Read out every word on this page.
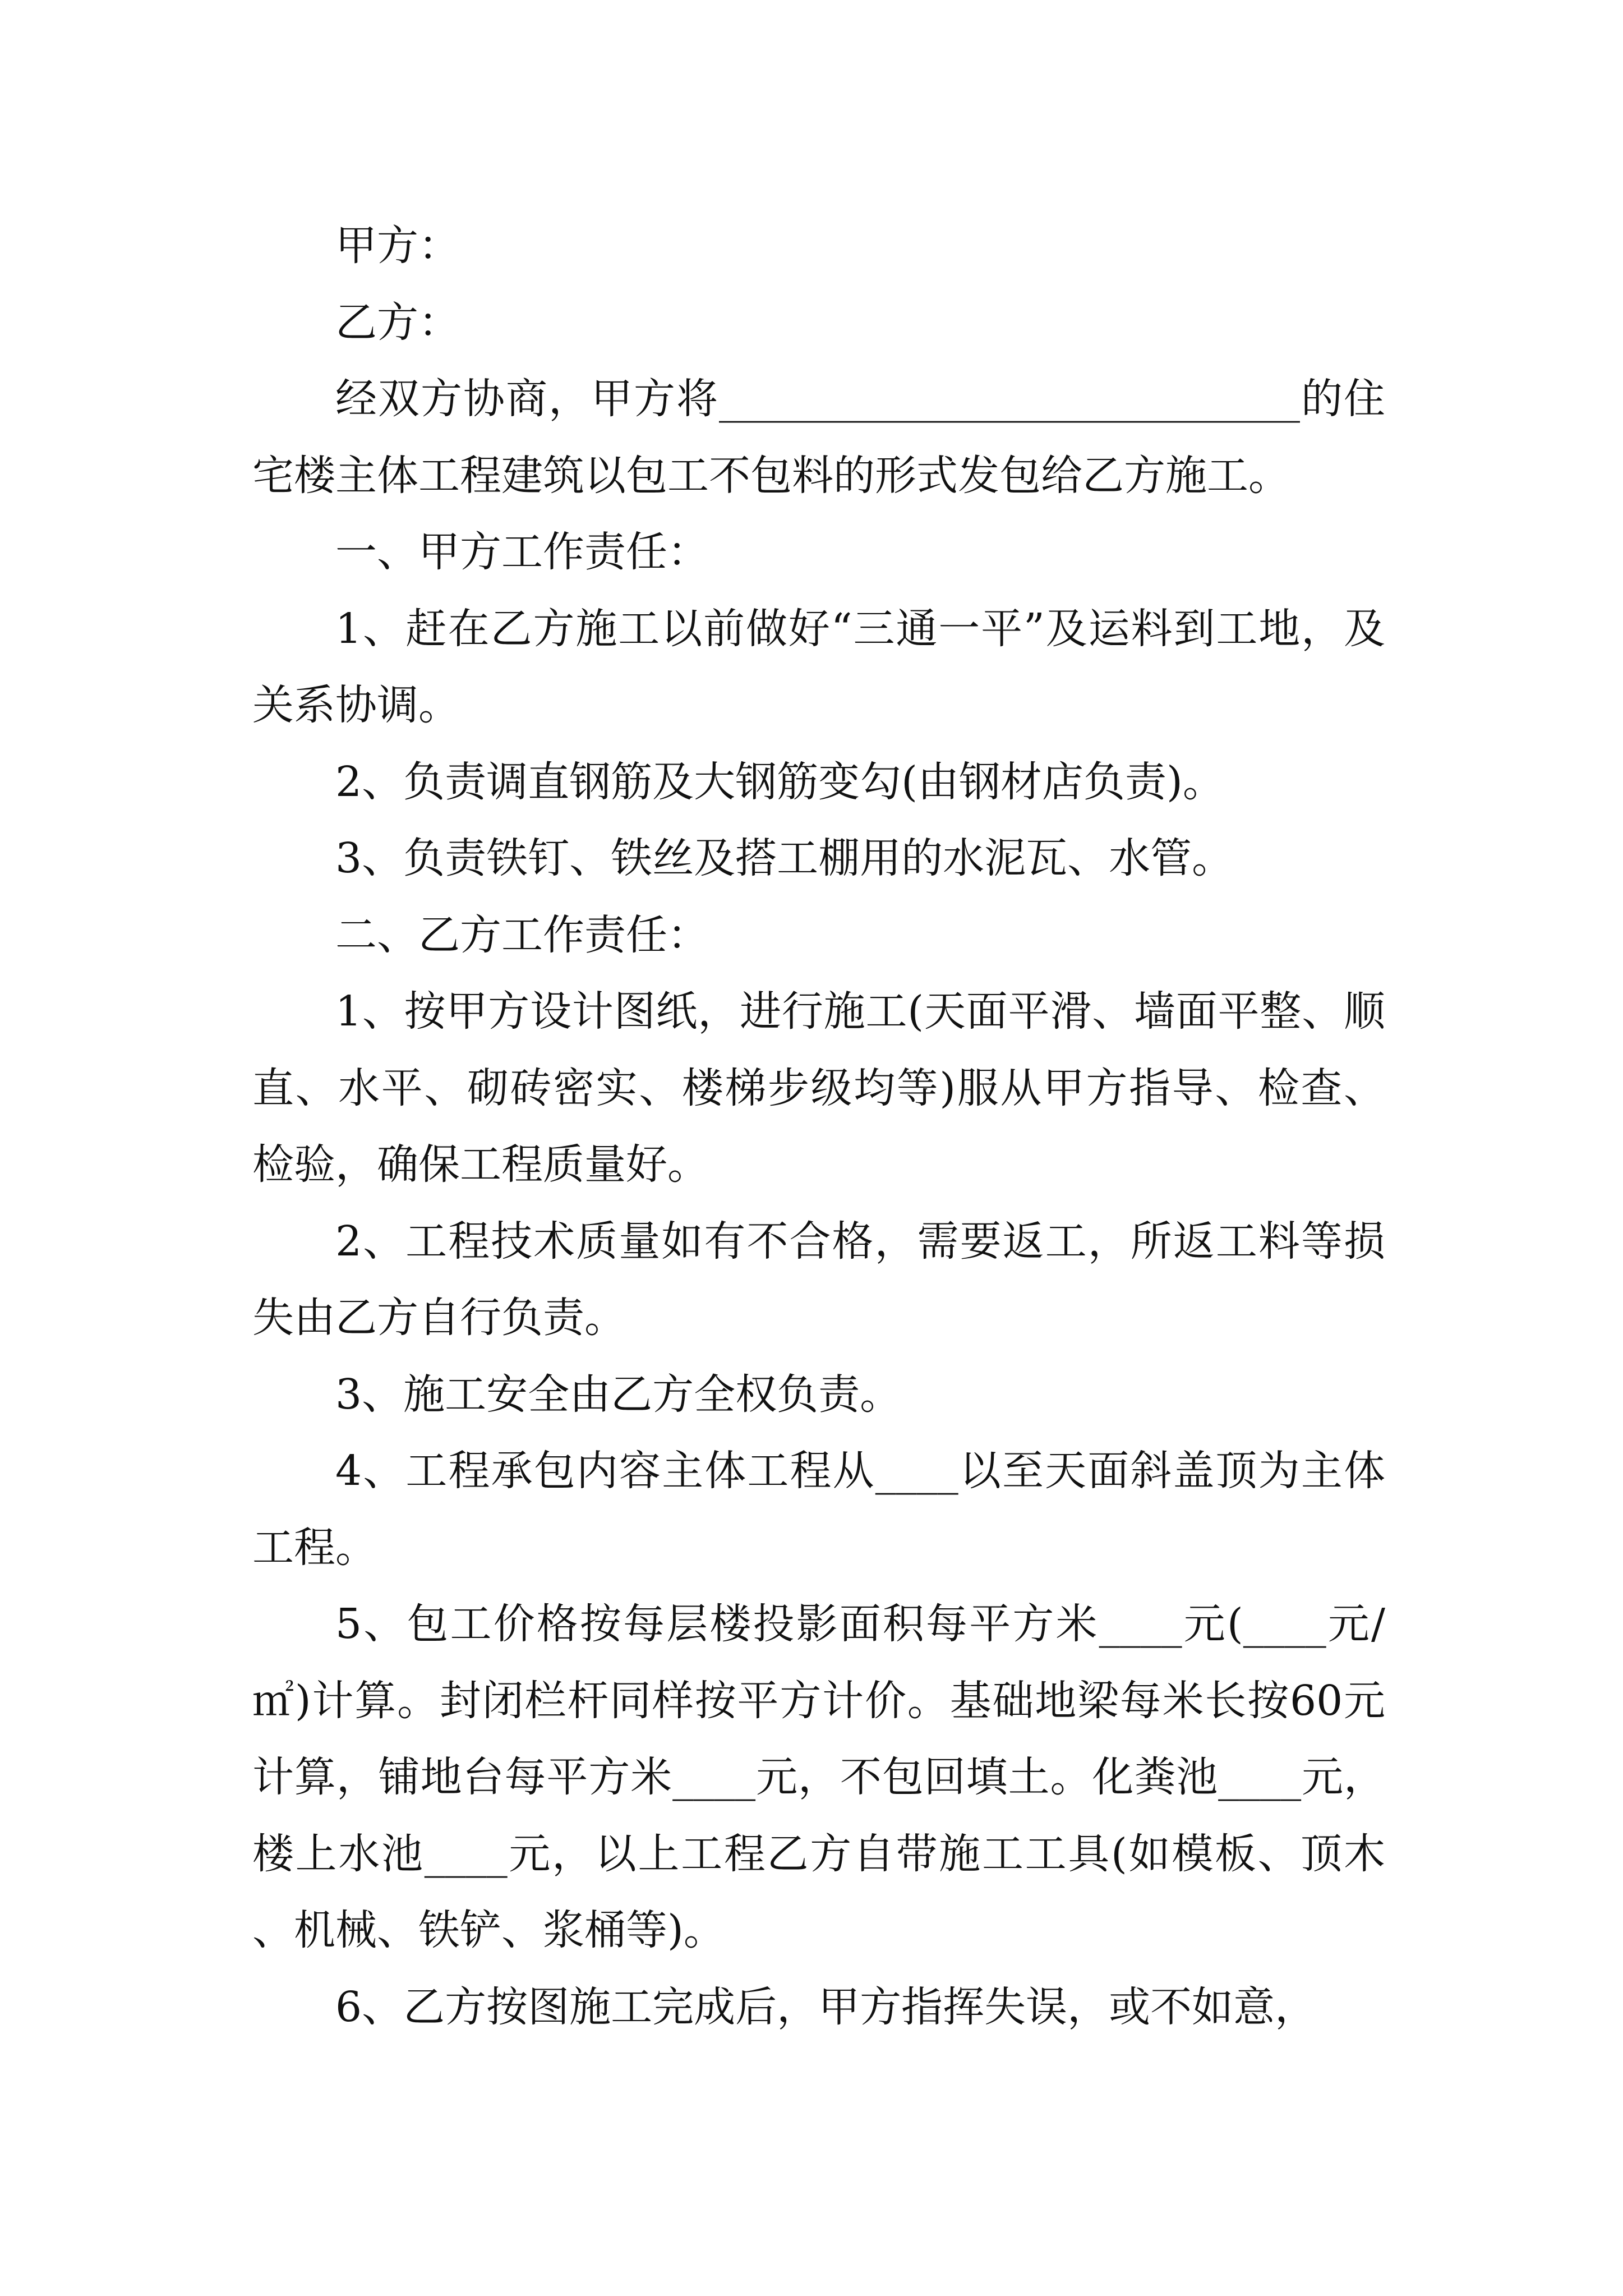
甲方：

乙方：

经双方协商，甲方将____________________________的住宅楼主体工程建筑以包工不包料的形式发包给乙方施工。

一、甲方工作责任：

1、赶在乙方施工以前做好“三通一平”及运料到工地，及关系协调。

2、负责调直钢筋及大钢筋变勾(由钢材店负责)。

3、负责铁钉、铁丝及搭工棚用的水泥瓦、水管。

二、乙方工作责任：

1、按甲方设计图纸，进行施工(天面平滑、墙面平整、顺直、水平、砌砖密实、楼梯步级均等)服从甲方指导、检查、检验，确保工程质量好。

2、工程技术质量如有不合格，需要返工，所返工料等损失由乙方自行负责。

3、施工安全由乙方全权负责。

4、工程承包内容主体工程从____以至天面斜盖顶为主体工程。

5、包工价格按每层楼投影面积每平方米____元(____元/㎡)计算。封闭栏杆同样按平方计价。基础地梁每米长按60元计算，铺地台每平方米____元，不包回填土。化粪池____元，楼上水池____元，以上工程乙方自带施工工具(如模板、顶木、机械、铁铲、浆桶等)。

6、乙方按图施工完成后，甲方指挥失误，或不如意，
